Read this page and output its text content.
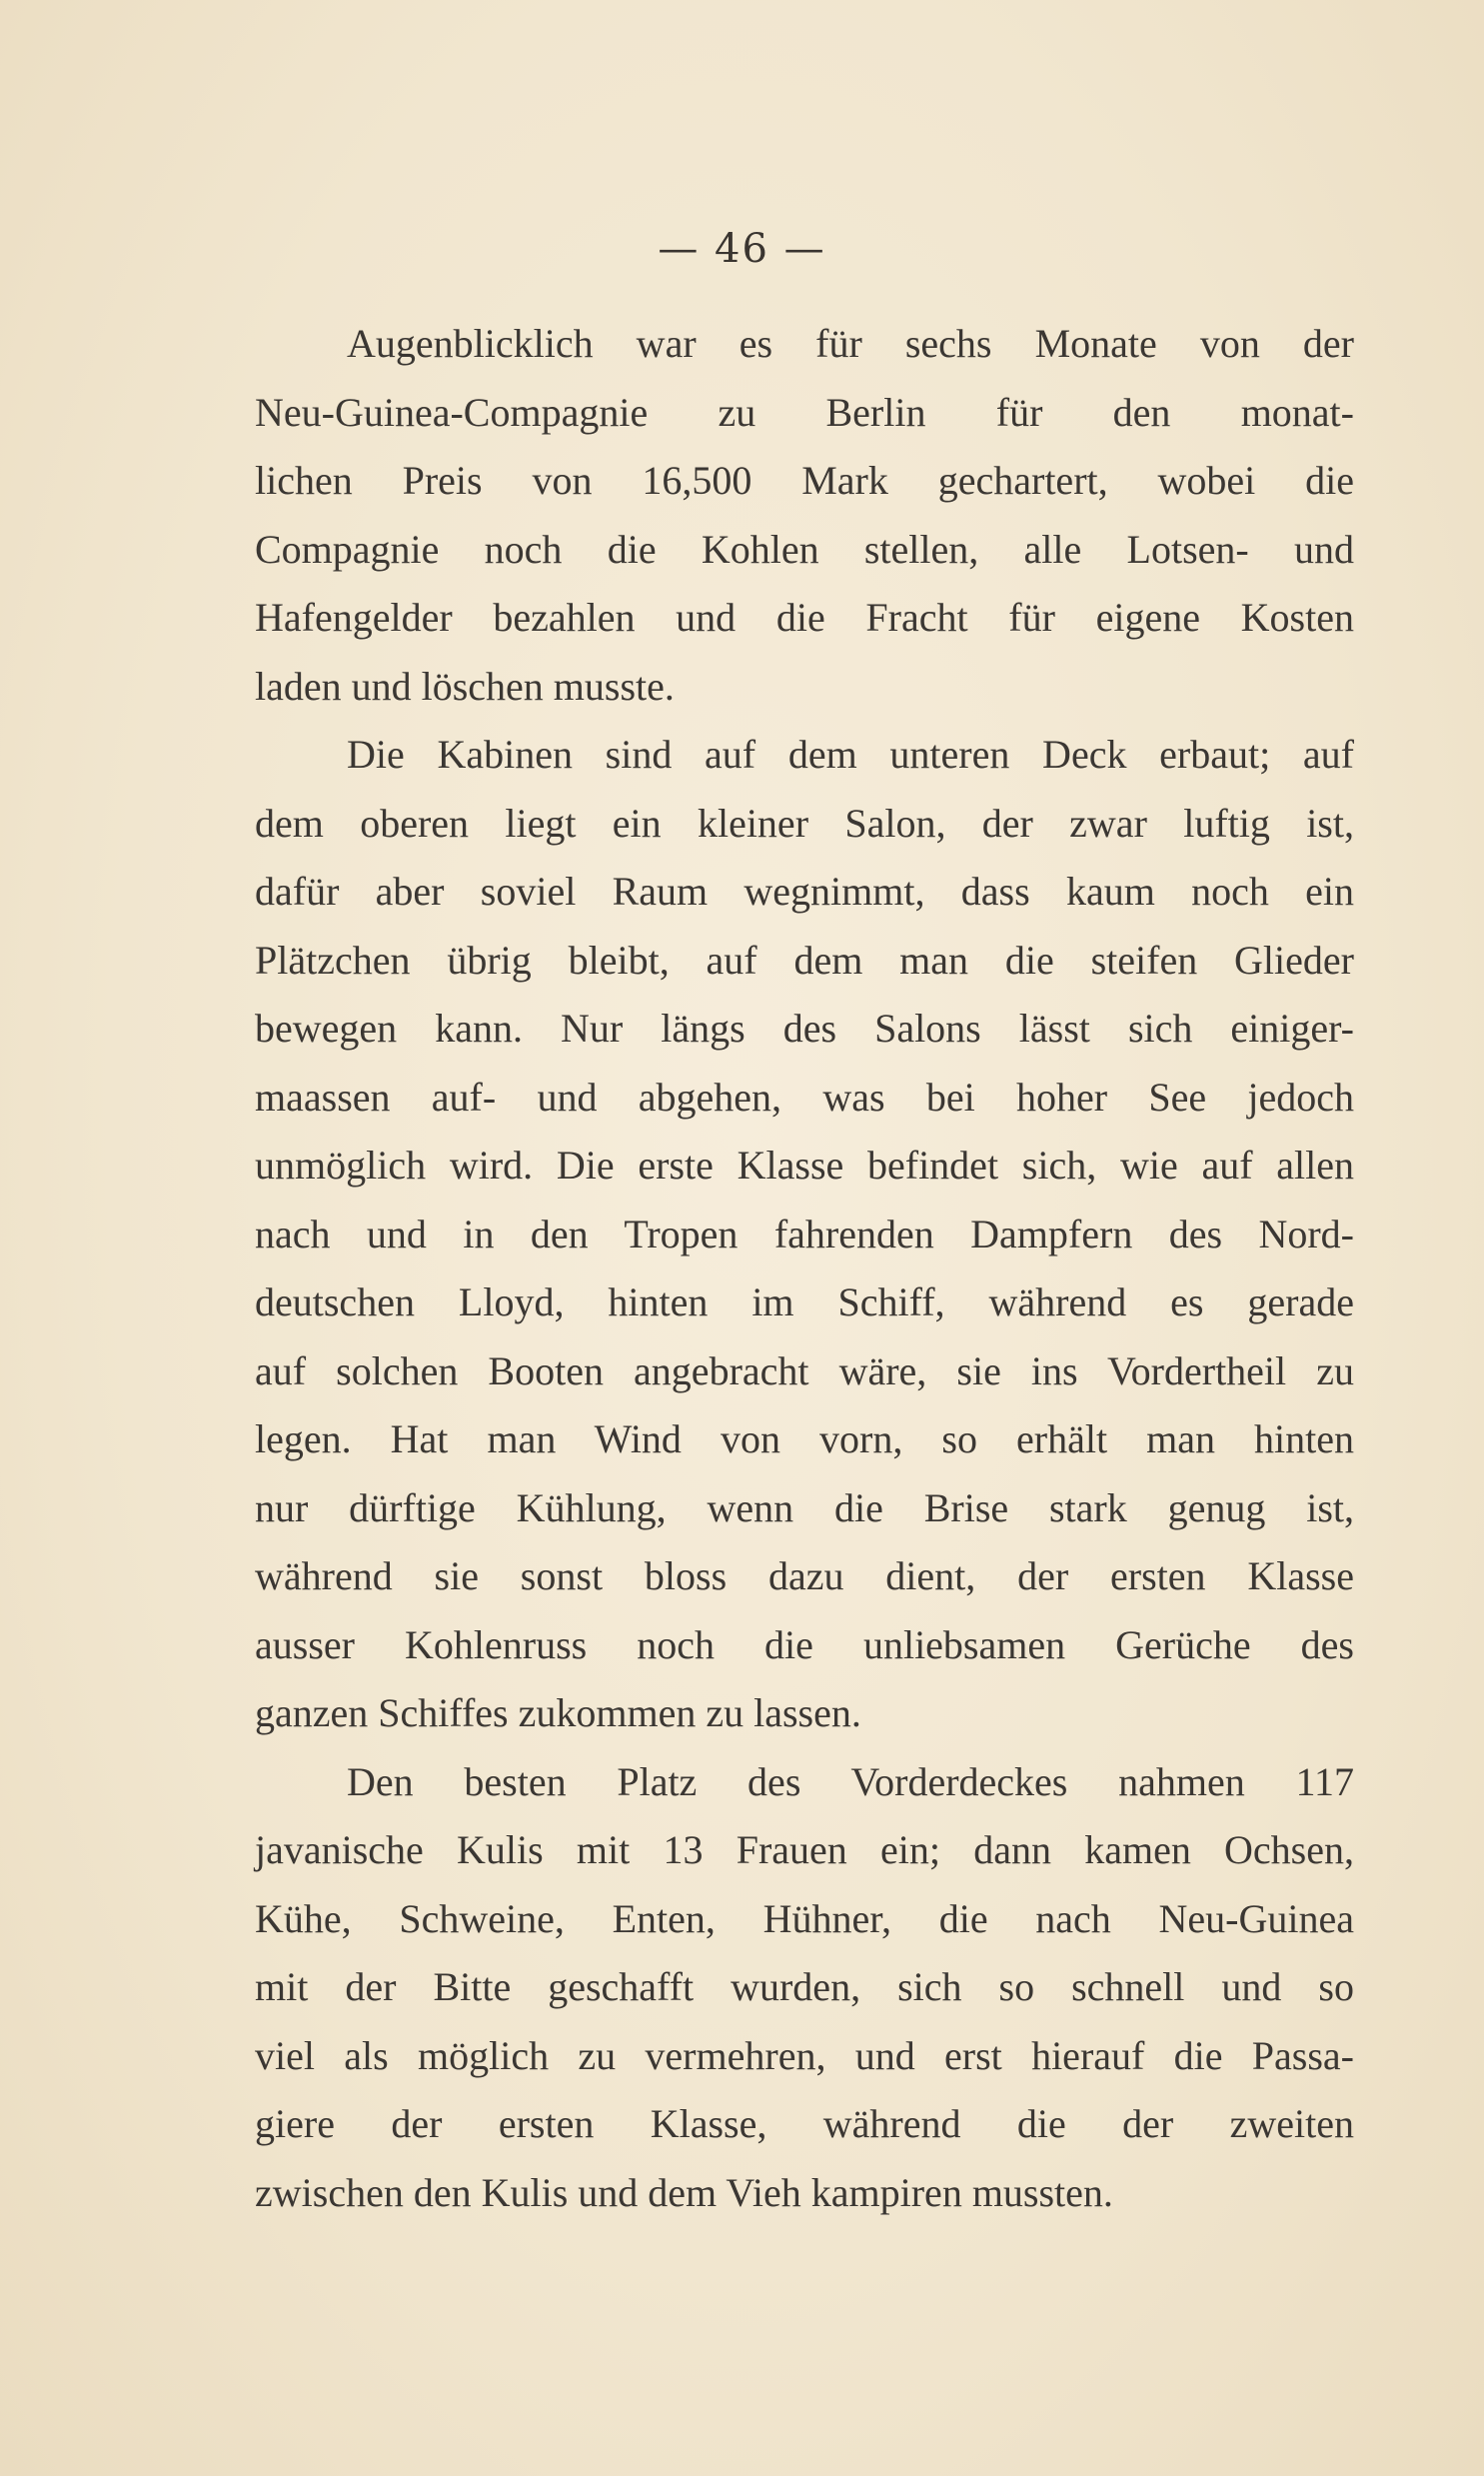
— 46 —
Augenblicklich war es für sechs Monate von der
Neu-Guinea-Compagnie zu Berlin für den monat-
lichen Preis von 16,500 Mark gechartert, wobei die
Compagnie noch die Kohlen stellen, alle Lotsen- und
Hafengelder bezahlen und die Fracht für eigene Kosten
laden und löschen musste.
Die Kabinen sind auf dem unteren Deck erbaut; auf
dem oberen liegt ein kleiner Salon, der zwar luftig ist,
dafür aber soviel Raum wegnimmt, dass kaum noch ein
Plätzchen übrig bleibt, auf dem man die steifen Glieder
bewegen kann. Nur längs des Salons lässt sich einiger-
maassen auf- und abgehen, was bei hoher See jedoch
unmöglich wird. Die erste Klasse befindet sich, wie auf allen
nach und in den Tropen fahrenden Dampfern des Nord-
deutschen Lloyd, hinten im Schiff, während es gerade
auf solchen Booten angebracht wäre, sie ins Vordertheil zu
legen. Hat man Wind von vorn, so erhält man hinten
nur dürftige Kühlung, wenn die Brise stark genug ist,
während sie sonst bloss dazu dient, der ersten Klasse
ausser Kohlenruss noch die unliebsamen Gerüche des
ganzen Schiffes zukommen zu lassen.
Den besten Platz des Vorderdeckes nahmen 117
javanische Kulis mit 13 Frauen ein; dann kamen Ochsen,
Kühe, Schweine, Enten, Hühner, die nach Neu-Guinea
mit der Bitte geschafft wurden, sich so schnell und so
viel als möglich zu vermehren, und erst hierauf die Passa-
giere der ersten Klasse, während die der zweiten
zwischen den Kulis und dem Vieh kampiren mussten.
